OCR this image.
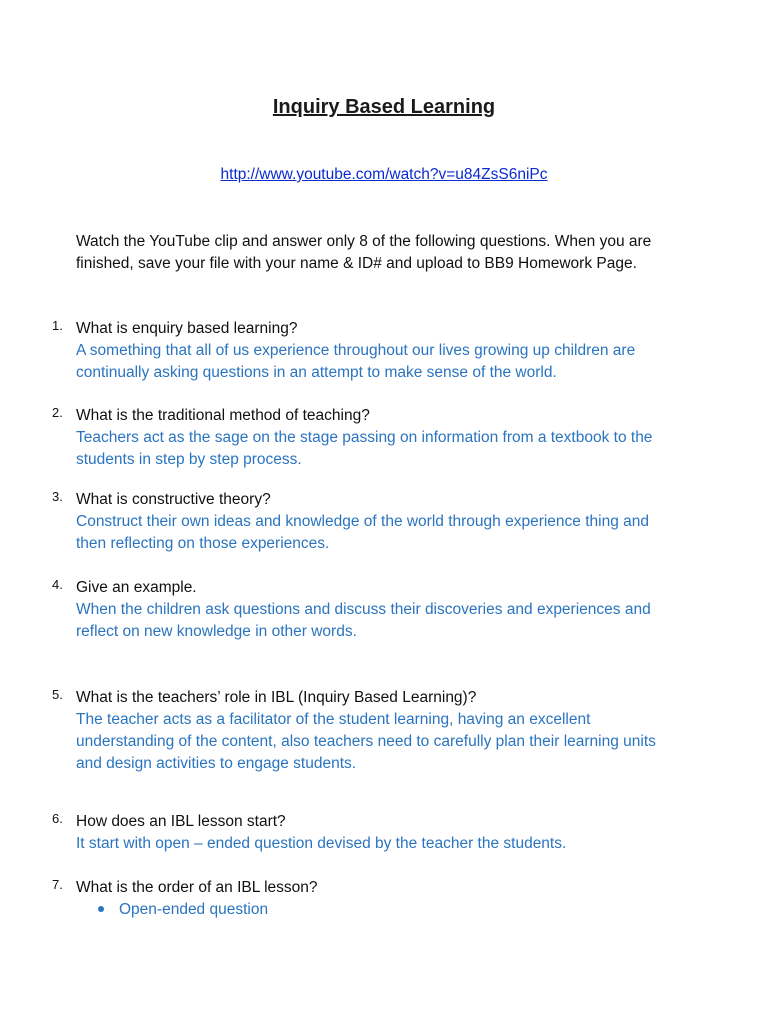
Inquiry Based Learning
http://www.youtube.com/watch?v=u84ZsS6niPc
Watch the YouTube clip and answer only 8 of the following questions. When you are
finished, save your file with your name & ID# and upload to BB9 Homework Page.
1. What is enquiry based learning?
A something that all of us experience throughout our lives growing up children are
continually asking questions in an attempt to make sense of the world.
2. What is the traditional method of teaching?
Teachers act as the sage on the stage passing on information from a textbook to the
students in step by step process.
3. What is constructive theory?
Construct their own ideas and knowledge of the world through experience thing and
then reflecting on those experiences.
4. Give an example.
When the children ask questions and discuss their discoveries and experiences and
reflect on new knowledge in other words.
5. What is the teachers’ role in IBL (Inquiry Based Learning)?
The teacher acts as a facilitator of the student learning, having an excellent
understanding of the content, also teachers need to carefully plan their learning units
and design activities to engage students.
6. How does an IBL lesson start?
It start with open – ended question devised by the teacher the students.
7. What is the order of an IBL lesson?
Open-ended question
